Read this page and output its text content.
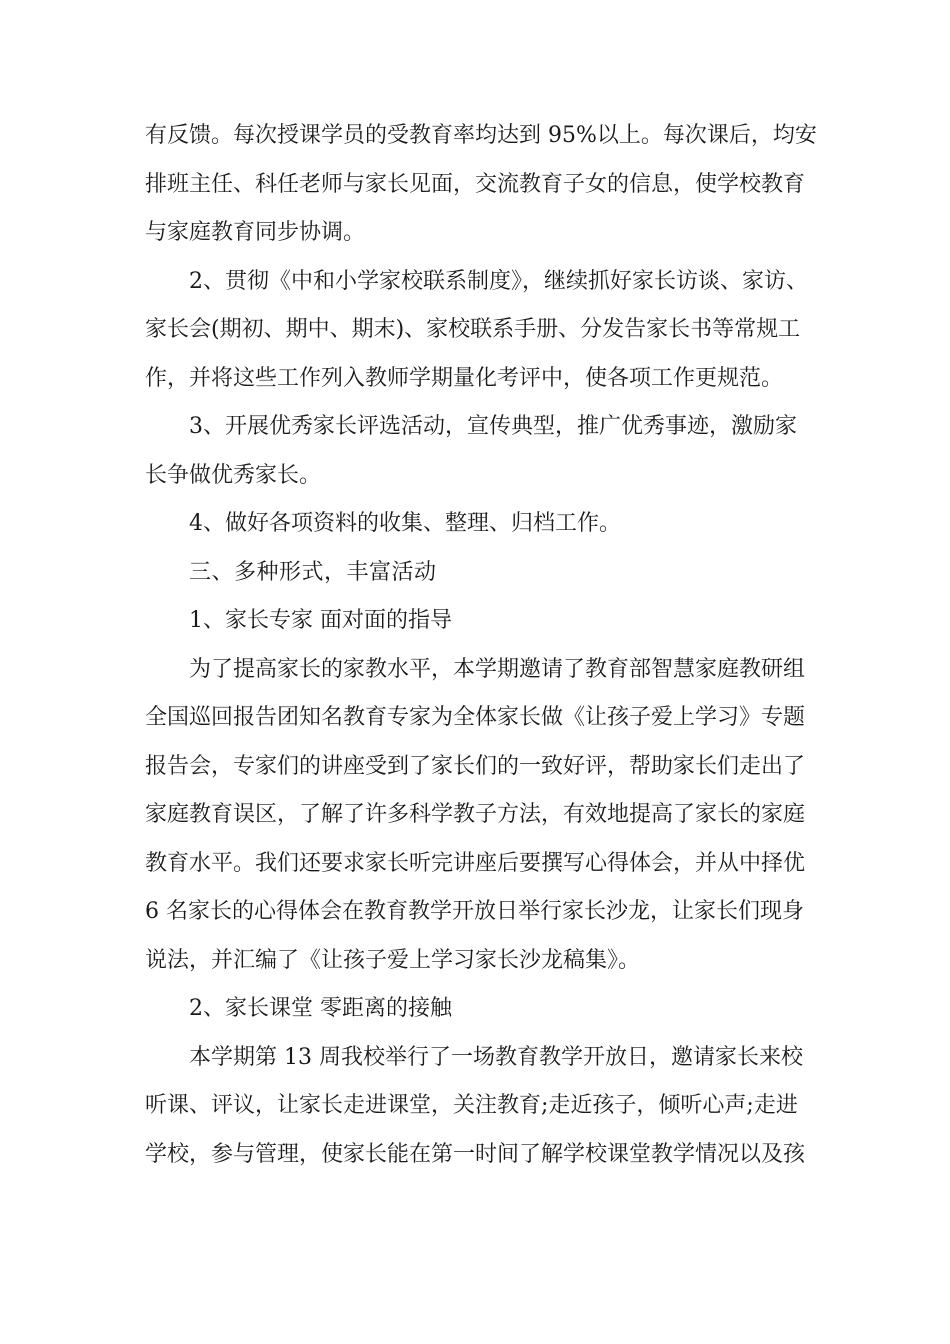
有反馈。每次授课学员的受教育率均达到 95%以上。每次课后，均安
排班主任、科任老师与家长见面，交流教育子女的信息，使学校教育
与家庭教育同步协调。
2、贯彻《中和小学家校联系制度》，继续抓好家长访谈、家访、
家长会(期初、期中、期末)、家校联系手册、分发告家长书等常规工
作，并将这些工作列入教师学期量化考评中，使各项工作更规范。
3、开展优秀家长评选活动，宣传典型，推广优秀事迹，激励家
长争做优秀家长。
4、做好各项资料的收集、整理、归档工作。
三、多种形式，丰富活动
1、家长专家 面对面的指导
为了提高家长的家教水平，本学期邀请了教育部智慧家庭教研组
全国巡回报告团知名教育专家为全体家长做《让孩子爱上学习》专题
报告会，专家们的讲座受到了家长们的一致好评，帮助家长们走出了
家庭教育误区，了解了许多科学教子方法，有效地提高了家长的家庭
教育水平。我们还要求家长听完讲座后要撰写心得体会，并从中择优
6 名家长的心得体会在教育教学开放日举行家长沙龙，让家长们现身
说法，并汇编了《让孩子爱上学习家长沙龙稿集》。
2、家长课堂 零距离的接触
本学期第 13 周我校举行了一场教育教学开放日，邀请家长来校
听课、评议，让家长走进课堂，关注教育;走近孩子，倾听心声;走进
学校，参与管理，使家长能在第一时间了解学校课堂教学情况以及孩
